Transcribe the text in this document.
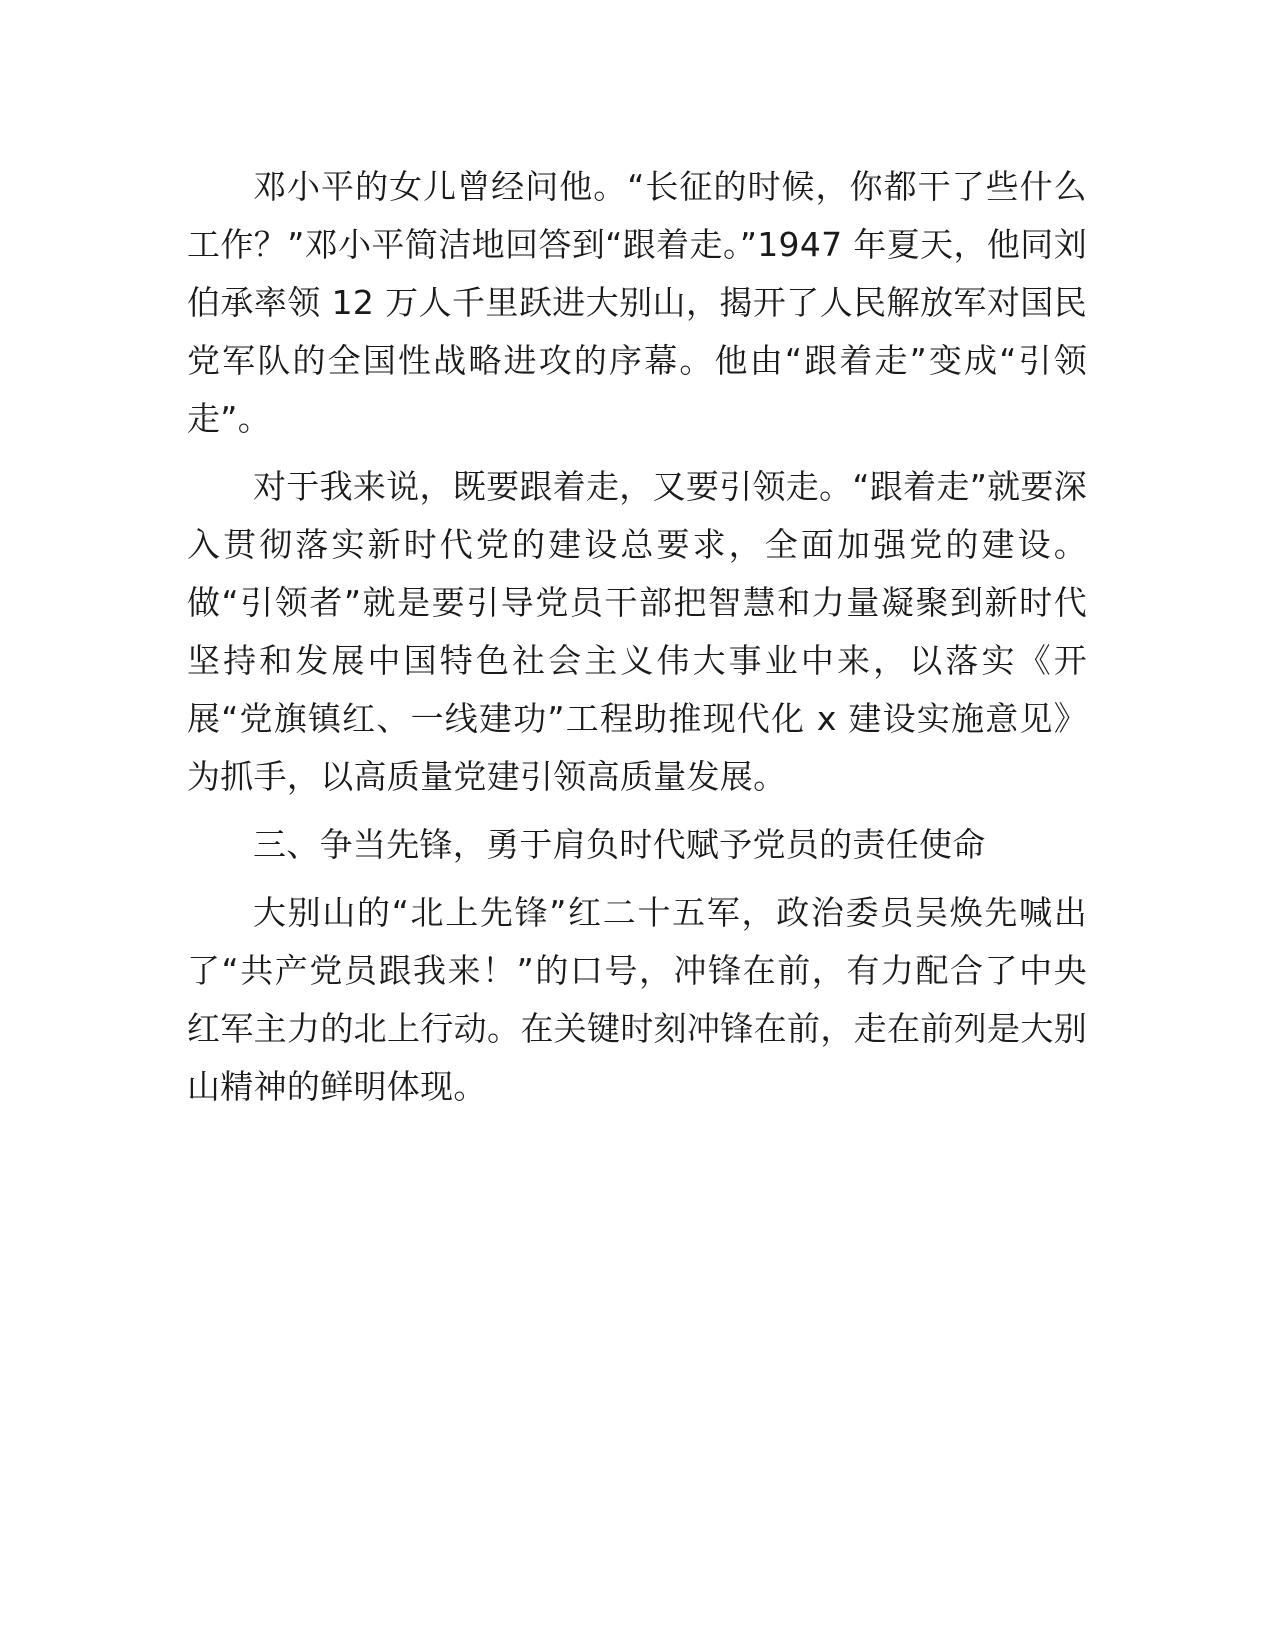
邓小平的女儿曾经问他。“长征的时候，你都干了些什么工作？”邓小平简洁地回答到“跟着走。”1947 年夏天，他同刘伯承率领 12 万人千里跃进大别山，揭开了人民解放军对国民党军队的全国性战略进攻的序幕。他由“跟着走”变成“引领走”。

对于我来说，既要跟着走，又要引领走。“跟着走”就要深入贯彻落实新时代党的建设总要求，全面加强党的建设。做“引领者”就是要引导党员干部把智慧和力量凝聚到新时代坚持和发展中国特色社会主义伟大事业中来，以落实《开展“党旗镇红、一线建功”工程助推现代化 x 建设实施意见》为抓手，以高质量党建引领高质量发展。

三、争当先锋，勇于肩负时代赋予党员的责任使命

大别山的“北上先锋”红二十五军，政治委员吴焕先喊出了“共产党员跟我来！”的口号，冲锋在前，有力配合了中央红军主力的北上行动。在关键时刻冲锋在前，走在前列是大别山精神的鲜明体现。
